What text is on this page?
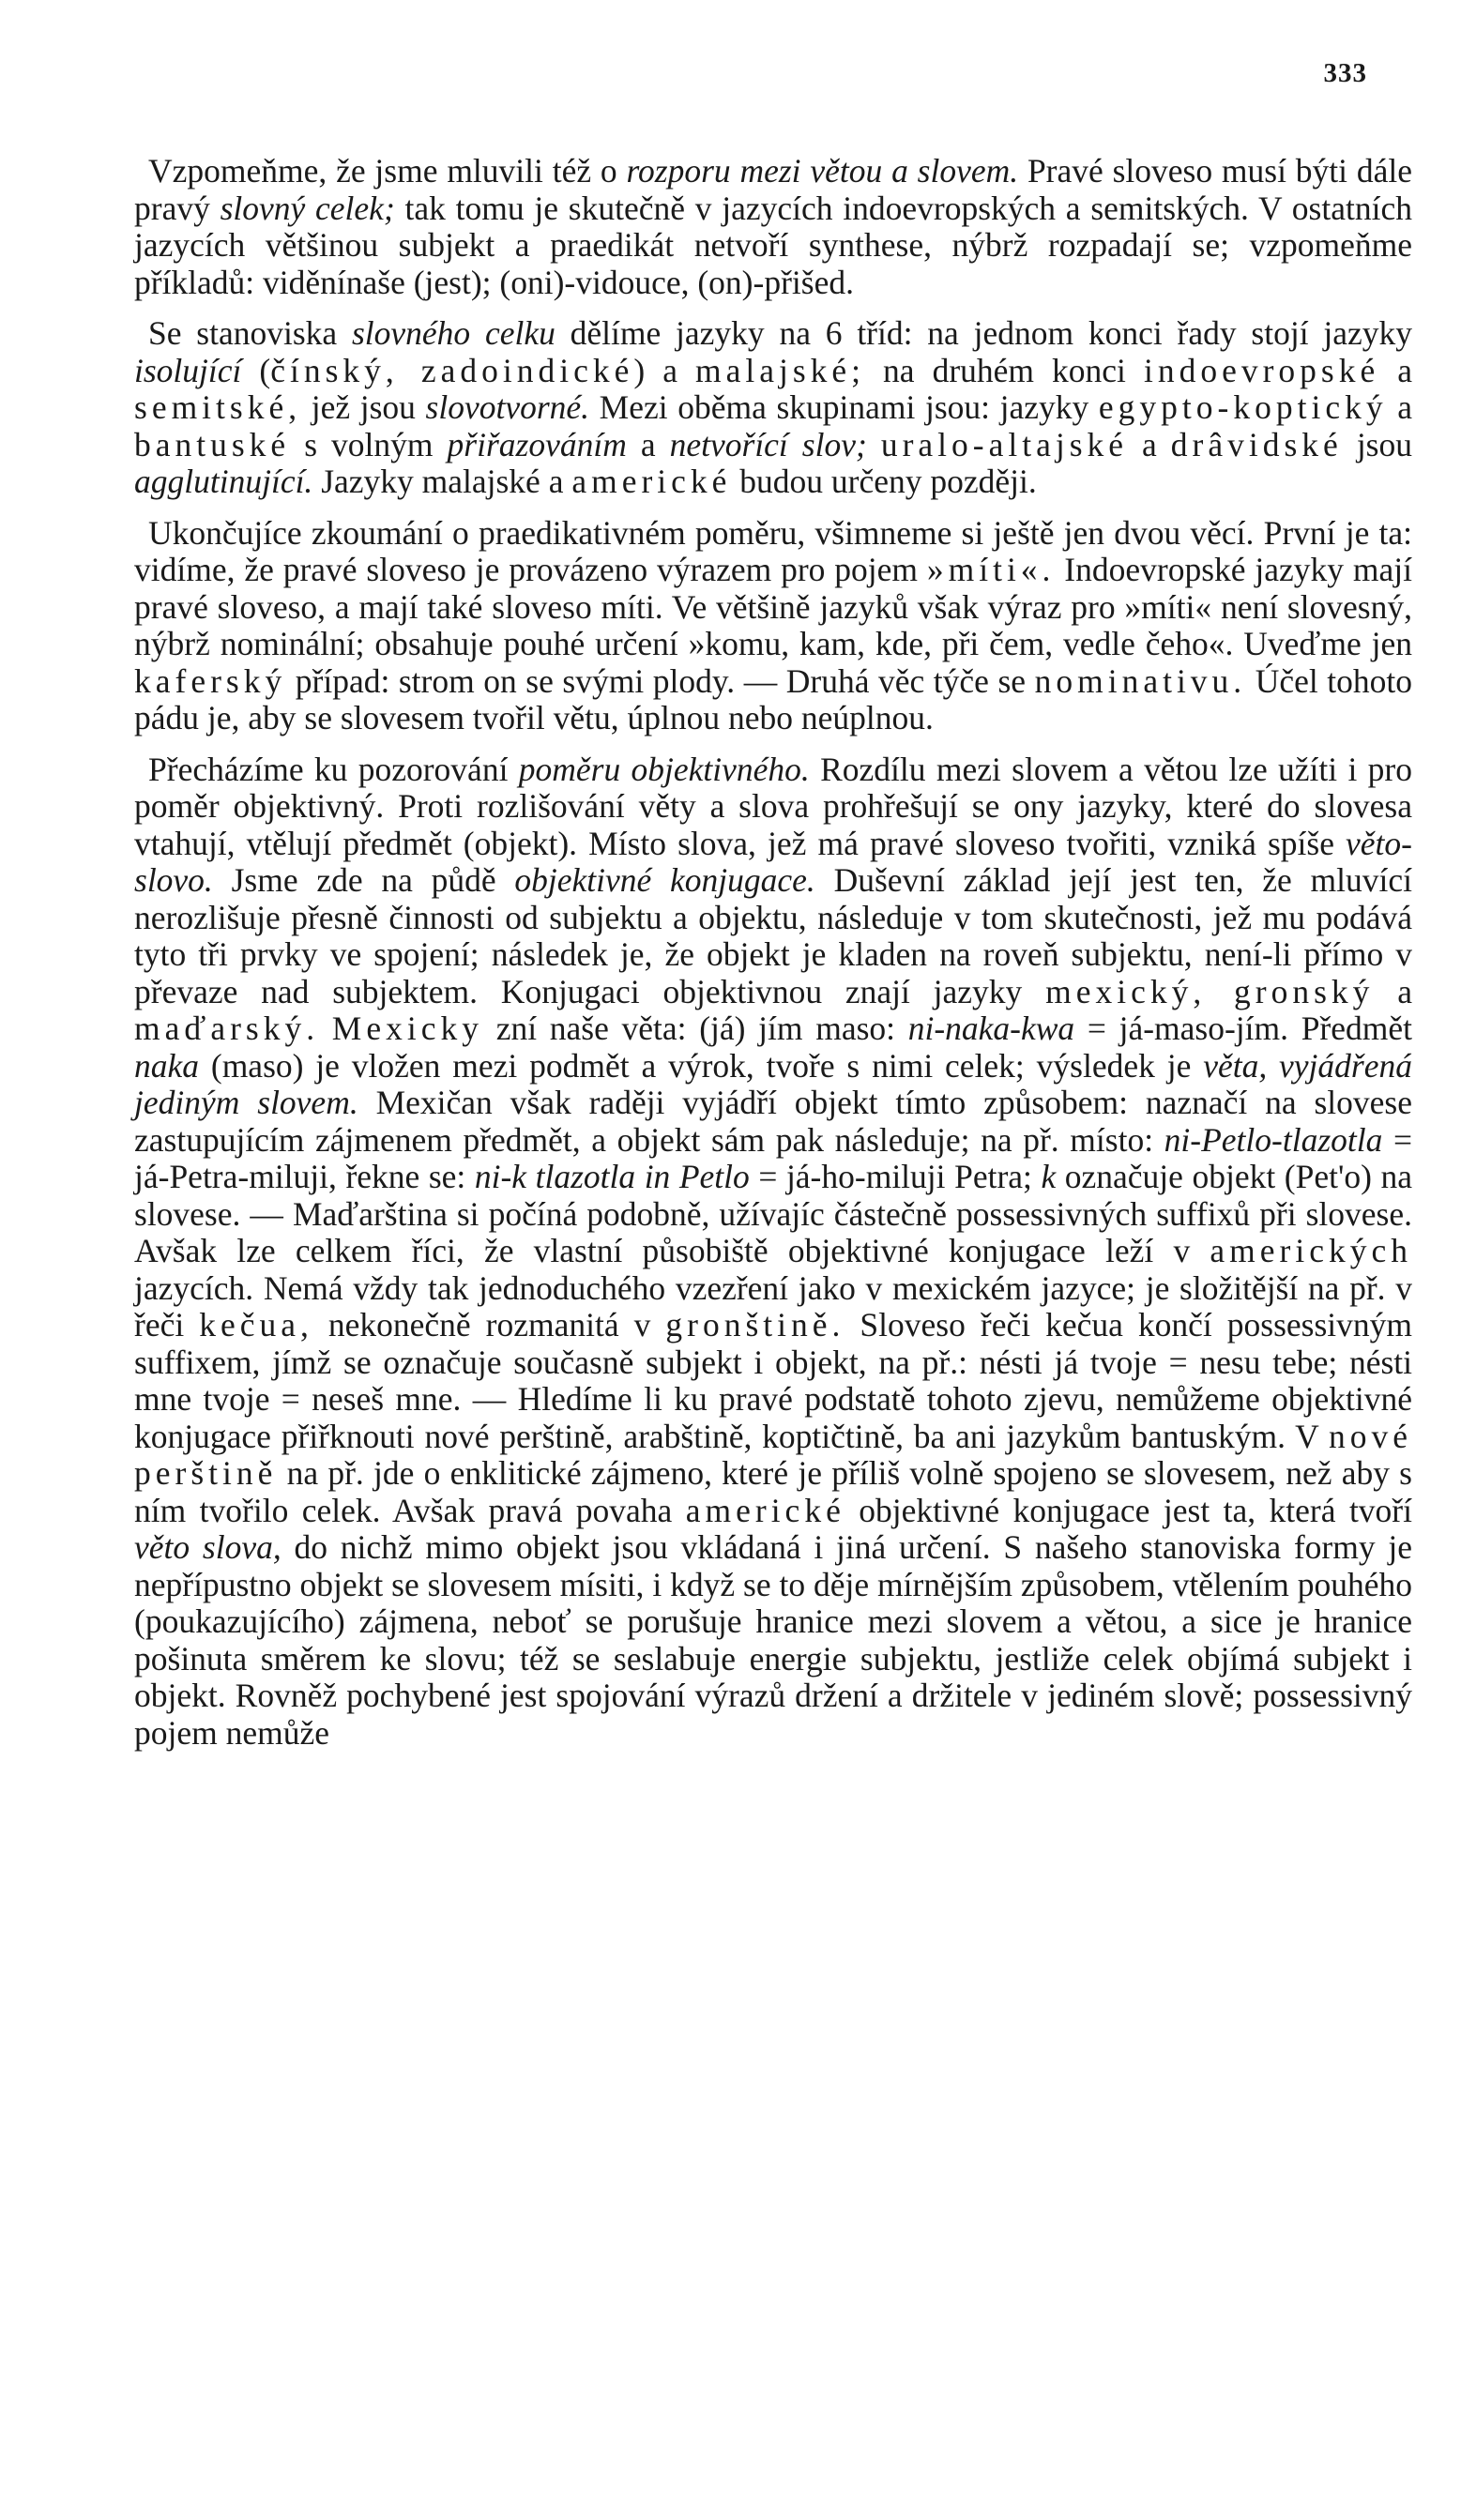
333

Vzpomeňme, že jsme mluvili též o rozporu mezi větou a slovem. Pravé sloveso musí býti dále pravý slovný celek; tak tomu je skutečně v jazycích indoevropských a semitských. V ostatních jazycích většinou subjekt a praedikát netvoří synthese, nýbrž rozpadají se; vzpomeňme příkladů: viděnínaše (jest); (oni)-vidouce, (on)-přišed.

Se stanoviska slovného celku dělíme jazyky na 6 tříd: na jednom konci řady stojí jazyky isolující (čínský, zadoindické) a malajské; na druhém konci indoevropské a semitské, jež jsou slovotvorné. Mezi oběma skupinami jsou: jazyky egypto-koptický a bantuské s volným přiřazováním a netvořící slov; uralo-altajské a drâvidské jsou agglutinující. Jazyky malajské a americké budou určeny později.

Ukončujíce zkoumání o praedikativném poměru, všimneme si ještě jen dvou věcí. První je ta: vidíme, že pravé sloveso je provázeno výrazem pro pojem »míti«. Indoevropské jazyky mají pravé sloveso, a mají také sloveso míti. Ve většině jazyků však výraz pro »míti« není slovesný, nýbrž nominální; obsahuje pouhé určení »komu, kam, kde, při čem, vedle čeho«. Uveďme jen kaferský případ: strom on se svými plody. — Druhá věc týče se nominativu. Účel tohoto pádu je, aby se slovesem tvořil větu, úplnou nebo neúplnou.

Přecházíme ku pozorování poměru objektivného. Rozdílu mezi slovem a větou lze užíti i pro poměr objektivný. Proti rozlišování věty a slova prohřešují se ony jazyky, které do slovesa vtahují, vtělují předmět (objekt). Místo slova, jež má pravé sloveso tvořiti, vzniká spíše věto-slovo. Jsme zde na půdě objektivné konjugace. Duševní základ její jest ten, že mluvící nerozlišuje přesně činnosti od subjektu a objektu, následuje v tom skutečnosti, jež mu podává tyto tři prvky ve spojení; následek je, že objekt je kladen na roveň subjektu, není-li přímo v převaze nad subjektem. Konjugaci objektivnou znají jazyky mexický, gronský a maďarský. Mexicky zní naše věta: (já) jím maso: ni-naka-kwa = já-maso-jím. Předmět naka (maso) je vložen mezi podmět a výrok, tvoře s nimi celek; výsledek je věta, vyjádřená jediným slovem. Mexičan však raději vyjádří objekt tímto způsobem: naznačí na slovese zastupujícím zájmenem předmět, a objekt sám pak následuje; na př. místo: ni-Petlo-tlazotla = já-Petra-miluji, řekne se: ni-k tlazotla in Petlo = já-ho-miluji Petra; k označuje objekt (Pet'o) na slovese. — Maďarština si počíná podobně, užívajíc částečně possessivných suffixů při slovese. Avšak lze celkem říci, že vlastní působiště objektivné konjugace leží v amerických jazycích. Nemá vždy tak jednoduchého vzezření jako v mexickém jazyce; je složitější na př. v řeči kečua, nekonečně rozmanitá v gronštině. Sloveso řeči kečua končí possessivným suffixem, jímž se označuje současně subjekt i objekt, na př.: nésti já tvoje = nesu tebe; nésti mne tvoje = neseš mne. — Hledíme li ku pravé podstatě tohoto zjevu, nemůžeme objektivné konjugace přiřknouti nové perštině, arabštině, koptičtině, ba ani jazykům bantuským. V nové perštině na př. jde o enklitické zájmeno, které je příliš volně spojeno se slovesem, než aby s ním tvořilo celek. Avšak pravá povaha americké objektivné konjugace jest ta, která tvoří věto slova, do nichž mimo objekt jsou vkládaná i jiná určení. S našeho stanoviska formy je nepřípustno objekt se slovesem mísiti, i když se to děje mírnějším způsobem, vtělením pouhého (poukazujícího) zájmena, neboť se porušuje hranice mezi slovem a větou, a sice je hranice pošinuta směrem ke slovu; též se seslabuje energie subjektu, jestliže celek objímá subjekt i objekt. Rovněž pochybené jest spojování výrazů držení a držitele v jediném slově; possessivný pojem nemůže
